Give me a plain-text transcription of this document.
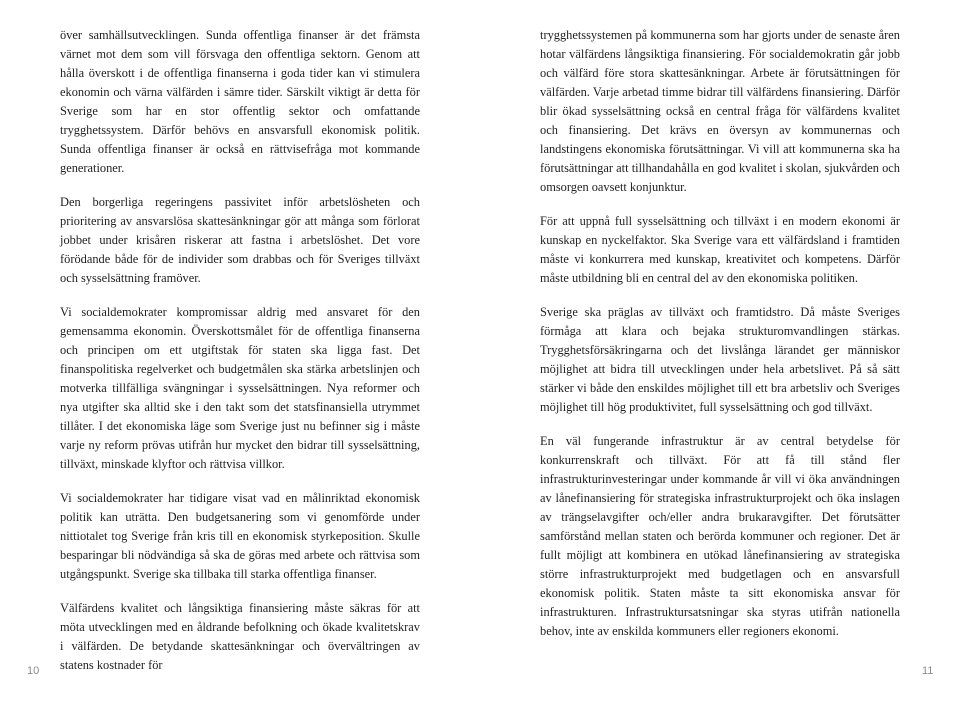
över samhällsutvecklingen. Sunda offentliga finanser är det främsta värnet mot dem som vill försvaga den offentliga sektorn. Genom att hålla överskott i de offentliga finanserna i goda tider kan vi stimulera ekonomin och värna välfärden i sämre tider. Särskilt viktigt är detta för Sverige som har en stor offentlig sektor och omfattande trygghetssystem. Därför behövs en ansvarsfull ekonomisk politik. Sunda offentliga finanser är också en rättvisefråga mot kommande generationer.

Den borgerliga regeringens passivitet inför arbetslösheten och prioritering av ansvarslösa skattesänkningar gör att många som förlorat jobbet under krisåren riskerar att fastna i arbetslöshet. Det vore förödande både för de individer som drabbas och för Sveriges tillväxt och sysselsättning framöver.

Vi socialdemokrater kompromissar aldrig med ansvaret för den gemensamma ekonomin. Överskottsmålet för de offentliga finanserna och principen om ett utgiftstak för staten ska ligga fast. Det finanspolitiska regelverket och budgetmålen ska stärka arbetslinjen och motverka tillfälliga svängningar i sysselsättningen. Nya reformer och nya utgifter ska alltid ske i den takt som det statsfinansiella utrymmet tillåter. I det ekonomiska läge som Sverige just nu befinner sig i måste varje ny reform prövas utifrån hur mycket den bidrar till sysselsättning, tillväxt, minskade klyftor och rättvisa villkor.

Vi socialdemokrater har tidigare visat vad en målinriktad ekonomisk politik kan uträtta. Den budgetsanering som vi genomförde under nittiotalet tog Sverige från kris till en ekonomisk styrkeposition. Skulle besparingar bli nödvändiga så ska de göras med arbete och rättvisa som utgångspunkt. Sverige ska tillbaka till starka offentliga finanser.

Välfärdens kvalitet och långsiktiga finansiering måste säkras för att möta utvecklingen med en åldrande befolkning och ökade kvalitetskrav i välfärden. De betydande skattesänkningar och övervältringen av statens kostnader för

trygghetssystemen på kommunerna som har gjorts under de senaste åren hotar välfärdens långsiktiga finansiering. För socialdemokratin går jobb och välfärd före stora skattesänkningar. Arbete är förutsättningen för välfärden. Varje arbetad timme bidrar till välfärdens finansiering. Därför blir ökad sysselsättning också en central fråga för välfärdens kvalitet och finansiering. Det krävs en översyn av kommunernas och landstingens ekonomiska förutsättningar. Vi vill att kommunerna ska ha förutsättningar att tillhandahålla en god kvalitet i skolan, sjukvården och omsorgen oavsett konjunktur.

För att uppnå full sysselsättning och tillväxt i en modern ekonomi är kunskap en nyckelfaktor. Ska Sverige vara ett välfärdsland i framtiden måste vi konkurrera med kunskap, kreativitet och kompetens. Därför måste utbildning bli en central del av den ekonomiska politiken.

Sverige ska präglas av tillväxt och framtidstro. Då måste Sveriges förmåga att klara och bejaka strukturomvandlingen stärkas. Trygghetsförsäkringarna och det livslånga lärandet ger människor möjlighet att bidra till utvecklingen under hela arbetslivet. På så sätt stärker vi både den enskildes möjlighet till ett bra arbetsliv och Sveriges möjlighet till hög produktivitet, full sysselsättning och god tillväxt.

En väl fungerande infrastruktur är av central betydelse för konkurrenskraft och tillväxt. För att få till stånd fler infrastrukturinvesteringar under kommande år vill vi öka användningen av lånefinansiering för strategiska infrastrukturprojekt och öka inslagen av trängselavgifter och/eller andra brukaravgifter. Det förutsätter samförstånd mellan staten och berörda kommuner och regioner. Det är fullt möjligt att kombinera en utökad lånefinansiering av strategiska större infrastrukturprojekt med budgetlagen och en ansvarsfull ekonomisk politik. Staten måste ta sitt ekonomiska ansvar för infrastrukturen. Infrastruktursatsningar ska styras utifrån nationella behov, inte av enskilda kommuners eller regioners ekonomi.

10	11
